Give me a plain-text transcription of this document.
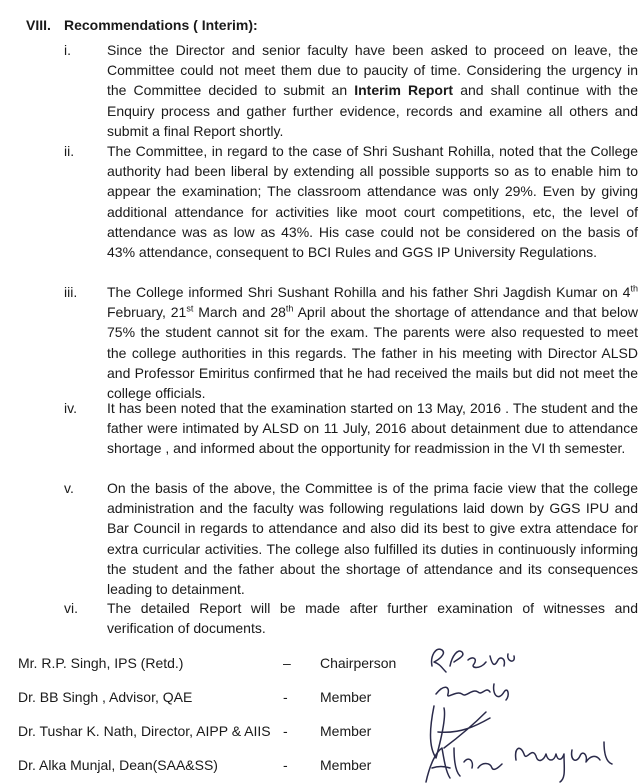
VIII. Recommendations ( Interim):
i.	Since the Director and senior faculty have been asked to proceed on leave, the Committee could not meet them due to paucity of time. Considering the urgency in the Committee decided to submit an Interim Report and shall continue with the Enquiry process and gather further evidence, records and examine all others and submit a final Report shortly.

ii.	The Committee, in regard to the case of Shri Sushant Rohilla, noted that the College authority had been liberal by extending all possible supports so as to enable him to appear the examination; The classroom attendance was only 29%. Even by giving additional attendance for activities like moot court competitions, etc, the level of attendance was as low as 43%. His case could not be considered on the basis of 43% attendance, consequent to BCI Rules and GGS IP University Regulations.

iii.	The College informed Shri Sushant Rohilla and his father Shri Jagdish Kumar on 4th February, 21st March and 28th April about the shortage of attendance and that below 75% the student cannot sit for the exam. The parents were also requested to meet the college authorities in this regards. The father in his meeting with Director ALSD and Professor Emiritus confirmed that he had received the mails but did not meet the college officials.

iv.	It has been noted that the examination started on 13 May, 2016 . The student and the father were intimated by ALSD on 11 July, 2016 about detainment due to attendance shortage , and informed about the opportunity for readmission in the VI th semester.

v.	On the basis of the above, the Committee is of the prima facie view that the college administration and the faculty was following regulations laid down by GGS IPU and Bar Council in regards to attendance and also did its best to give extra attendace for extra curricular activities. The college also fulfilled its duties in continuously informing the student and the father about the shortage of attendance and its consequences leading to detainment.

vi.	The detailed Report will be made after further examination of witnesses and verification of documents.

Mr. R.P. Singh, IPS (Retd.)	– Chairperson
Dr. BB Singh , Advisor, QAE	- Member
Dr. Tushar K. Nath, Director, AIPP & AIIS - Member
Dr. Alka Munjal, Dean(SAA&SS)	- Member
